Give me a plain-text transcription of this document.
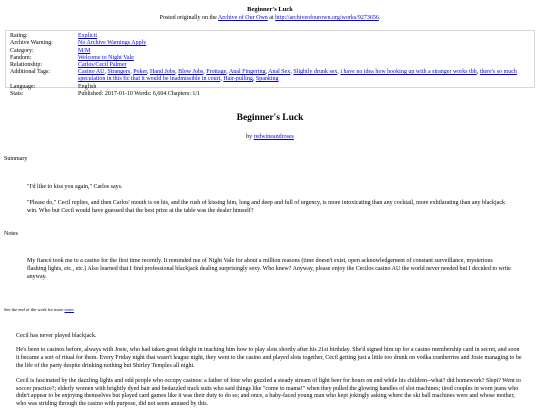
Beginner's Luck
Posted originally on the Archive of Our Own at http://archiveofourown.org/works/9273656.
Rating:	Explicit
Archive Warning:	No Archive Warnings Apply
Category:	M/M
Fandom:	Welcome to Night Vale
Relationship:	Carlos/Cecil Palmer
Additional Tags:	Casino AU, Strangers, Poker, Hand Jobs, Blow Jobs, Frottage, Anal Fingering, Anal Sex, Slightly drunk sex, i have no idea how hooking up with a stranger works tbh, there's so much speculation in this fic that it would be inadmissible in court, Hair-pulling, Spanking
Language:	English
Stats:	Published: 2017-01-10 Words: 6,604 Chapters: 1/1
Beginner's Luck
by redwineandroses
Summary

"I'd like to kiss you again," Carlos says.

"Please do," Cecil replies, and then Carlos' mouth is on his, and the rush of kissing him, long and deep and full of urgency, is more intoxicating than any cocktail, more exhilarating than any blackjack win. Who but Cecil would have guessed that the best prize at the table was the dealer himself?

Notes

My fiancé took me to a casino for the first time recently. It reminded me of Night Vale for about a million reasons (time doesn't exist, open acknowledgement of constant surveillance, mysterious flashing lights, etc., etc.) Also learned that I find professional blackjack dealing surprisingly sexy. Who knew? Anyway, please enjoy the Cecilos casino AU the world never needed but I decided to write anyway.

See the end of the work for more notes

Cecil has never played blackjack.

He's been to casinos before, always with Josie, who had taken great delight in teaching him how to play slots shortly after his 21st birthday. She'd signed him up for a casino membership card in secret, and soon it became a sort of ritual for them. Every Friday night that wasn't league night, they went to the casino and played slots together, Cecil getting just a little too drunk on vodka cranberries and Josie managing to be the life of the party despite drinking nothing but Shirley Temples all night.

Cecil is fascinated by the dazzling lights and odd people who occupy casinos: a father of four who guzzled a steady stream of light beer for hours on end while his children--what? did homework? Slept? Went to soccer practice?; elderly women with brightly dyed hair and bedazzled track suits who said things like "come to mama!" when they pulled the glowing handles of slot machines; tired couples in worn jeans who didn't appear to be enjoying themselves but played card games like it was their duty to do so; and once, a baby-faced young man who kept jokingly asking where the ski ball machines were and whose mother, who was striding through the casino with purpose, did not seem amused by this.
